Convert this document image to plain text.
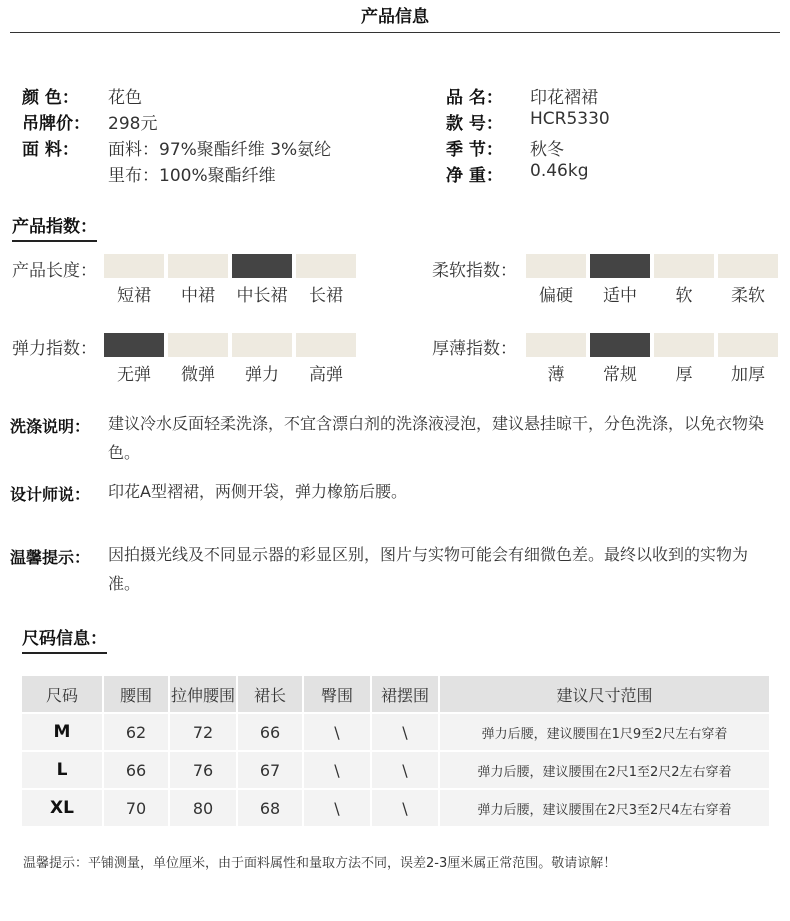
产品信息
颜 色： 花色
吊牌价： 298元
面 料： 面料：97%聚酯纤维 3%氨纶
里布：100%聚酯纤维
品 名： 印花褶裙
款 号： HCR5330
季 节： 秋冬
净 重： 0.46kg
产品指数：
产品长度：
短裙	中裙	中长裙	长裙
柔软指数：
偏硬	适中	软	柔软
弹力指数：
无弹	微弹	弹力	高弹
厚薄指数：
薄	常规	厚	加厚
洗涤说明： 建议冷水反面轻柔洗涤，不宜含漂白剂的洗涤液浸泡，建议悬挂晾干，分色洗涤，以免衣物染色。
设计师说： 印花A型褶裙，两侧开袋，弹力橡筋后腰。
温馨提示： 因拍摄光线及不同显示器的彩显区别，图片与实物可能会有细微色差。最终以收到的实物为准。
尺码信息：
尺码	腰围	拉伸腰围	裙长	臀围	裙摆围	建议尺寸范围
M	62	72	66	\	\	弹力后腰，建议腰围在1尺9至2尺左右穿着
L	66	76	67	\	\	弹力后腰，建议腰围在2尺1至2尺2左右穿着
XL	70	80	68	\	\	弹力后腰，建议腰围在2尺3至2尺4左右穿着
温馨提示：平铺测量，单位厘米，由于面料属性和量取方法不同，误差2-3厘米属正常范围。敬请谅解！
